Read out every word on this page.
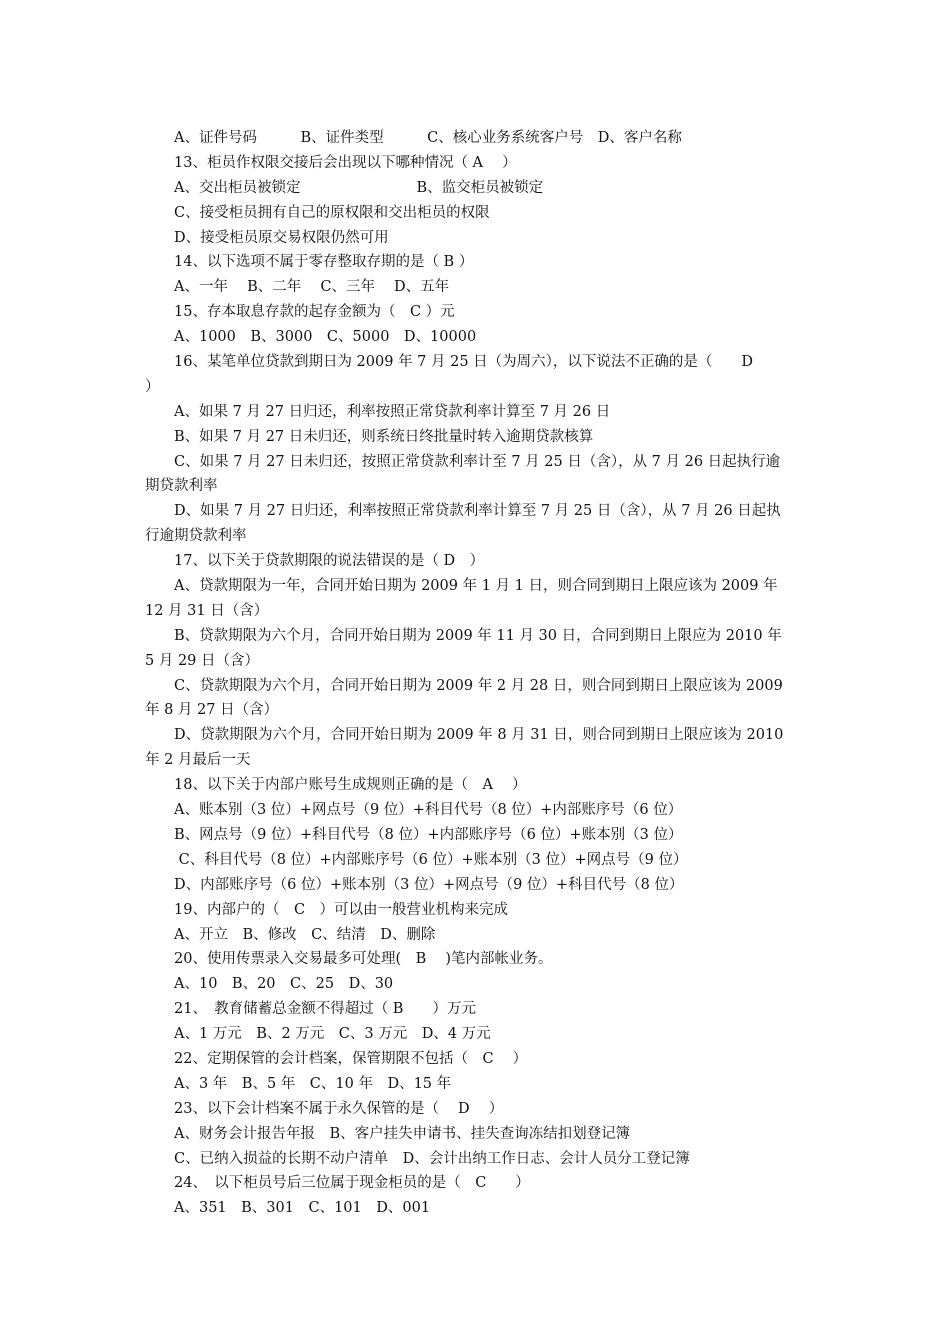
A、证件号码　　　B、证件类型　　　C、核心业务系统客户号　D、客户名称
13、柜员作权限交接后会出现以下哪种情况（ A　 ）
A、交出柜员被锁定　　　　　　　　B、监交柜员被锁定
C、接受柜员拥有自己的原权限和交出柜员的权限
D、接受柜员原交易权限仍然可用
14、以下选项不属于零存整取存期的是（ B ）
A、一年　 B、二年　 C、三年　 D、五年
15、存本取息存款的起存金额为（　C ）元
A、1000　B、3000　C、5000　D、10000
16、某笔单位贷款到期日为 2009 年 7 月 25 日（为周六），以下说法不正确的是（　　D
）
A、如果 7 月 27 日归还，利率按照正常贷款利率计算至 7 月 26 日
B、如果 7 月 27 日未归还，则系统日终批量时转入逾期贷款核算
C、如果 7 月 27 日未归还，按照正常贷款利率计至 7 月 25 日（含），从 7 月 26 日起执行逾
期贷款利率
D、如果 7 月 27 日归还，利率按照正常贷款利率计算至 7 月 25 日（含），从 7 月 26 日起执
行逾期贷款利率
17、以下关于贷款期限的说法错误的是（ D　）
A、贷款期限为一年，合同开始日期为 2009 年 1 月 1 日，则合同到期日上限应该为 2009 年
12 月 31 日（含）
B、贷款期限为六个月，合同开始日期为 2009 年 11 月 30 日，合同到期日上限应为 2010 年
5 月 29 日（含）
C、贷款期限为六个月，合同开始日期为 2009 年 2 月 28 日，则合同到期日上限应该为 2009
年 8 月 27 日（含）
D、贷款期限为六个月，合同开始日期为 2009 年 8 月 31 日，则合同到期日上限应该为 2010
年 2 月最后一天
18、以下关于内部户账号生成规则正确的是（　A　 ）
A、账本别（3 位）+网点号（9 位）+科目代号（8 位）+内部账序号（6 位）
B、网点号（9 位）+科目代号（8 位）+内部账序号（6 位）+账本别（3 位）
C、科目代号（8 位）+内部账序号（6 位）+账本别（3 位）+网点号（9 位）
D、内部账序号（6 位）+账本别（3 位）+网点号（9 位）+科目代号（8 位）
19、内部户的（　C　）可以由一般营业机构来完成
A、开立　B、修改　C、结清　D、删除
20、使用传票录入交易最多可处理(　B　 )笔内部帐业务。
A、10　B、20　C、25　D、30
21、　教育储蓄总金额不得超过（ B　　）万元
A、1 万元　B、2 万元　C、3 万元　D、4 万元
22、定期保管的会计档案，保管期限不包括（　C　 ）
A、3 年　B、5 年　C、10 年　D、15 年
23、以下会计档案不属于永久保管的是（　 D　 ）
A、财务会计报告年报　B、客户挂失申请书、挂失查询冻结扣划登记簿
C、已纳入损益的长期不动户清单　D、会计出纳工作日志、会计人员分工登记簿
24、　以下柜员号后三位属于现金柜员的是（　C　　）
A、351　B、301　C、101　D、001
